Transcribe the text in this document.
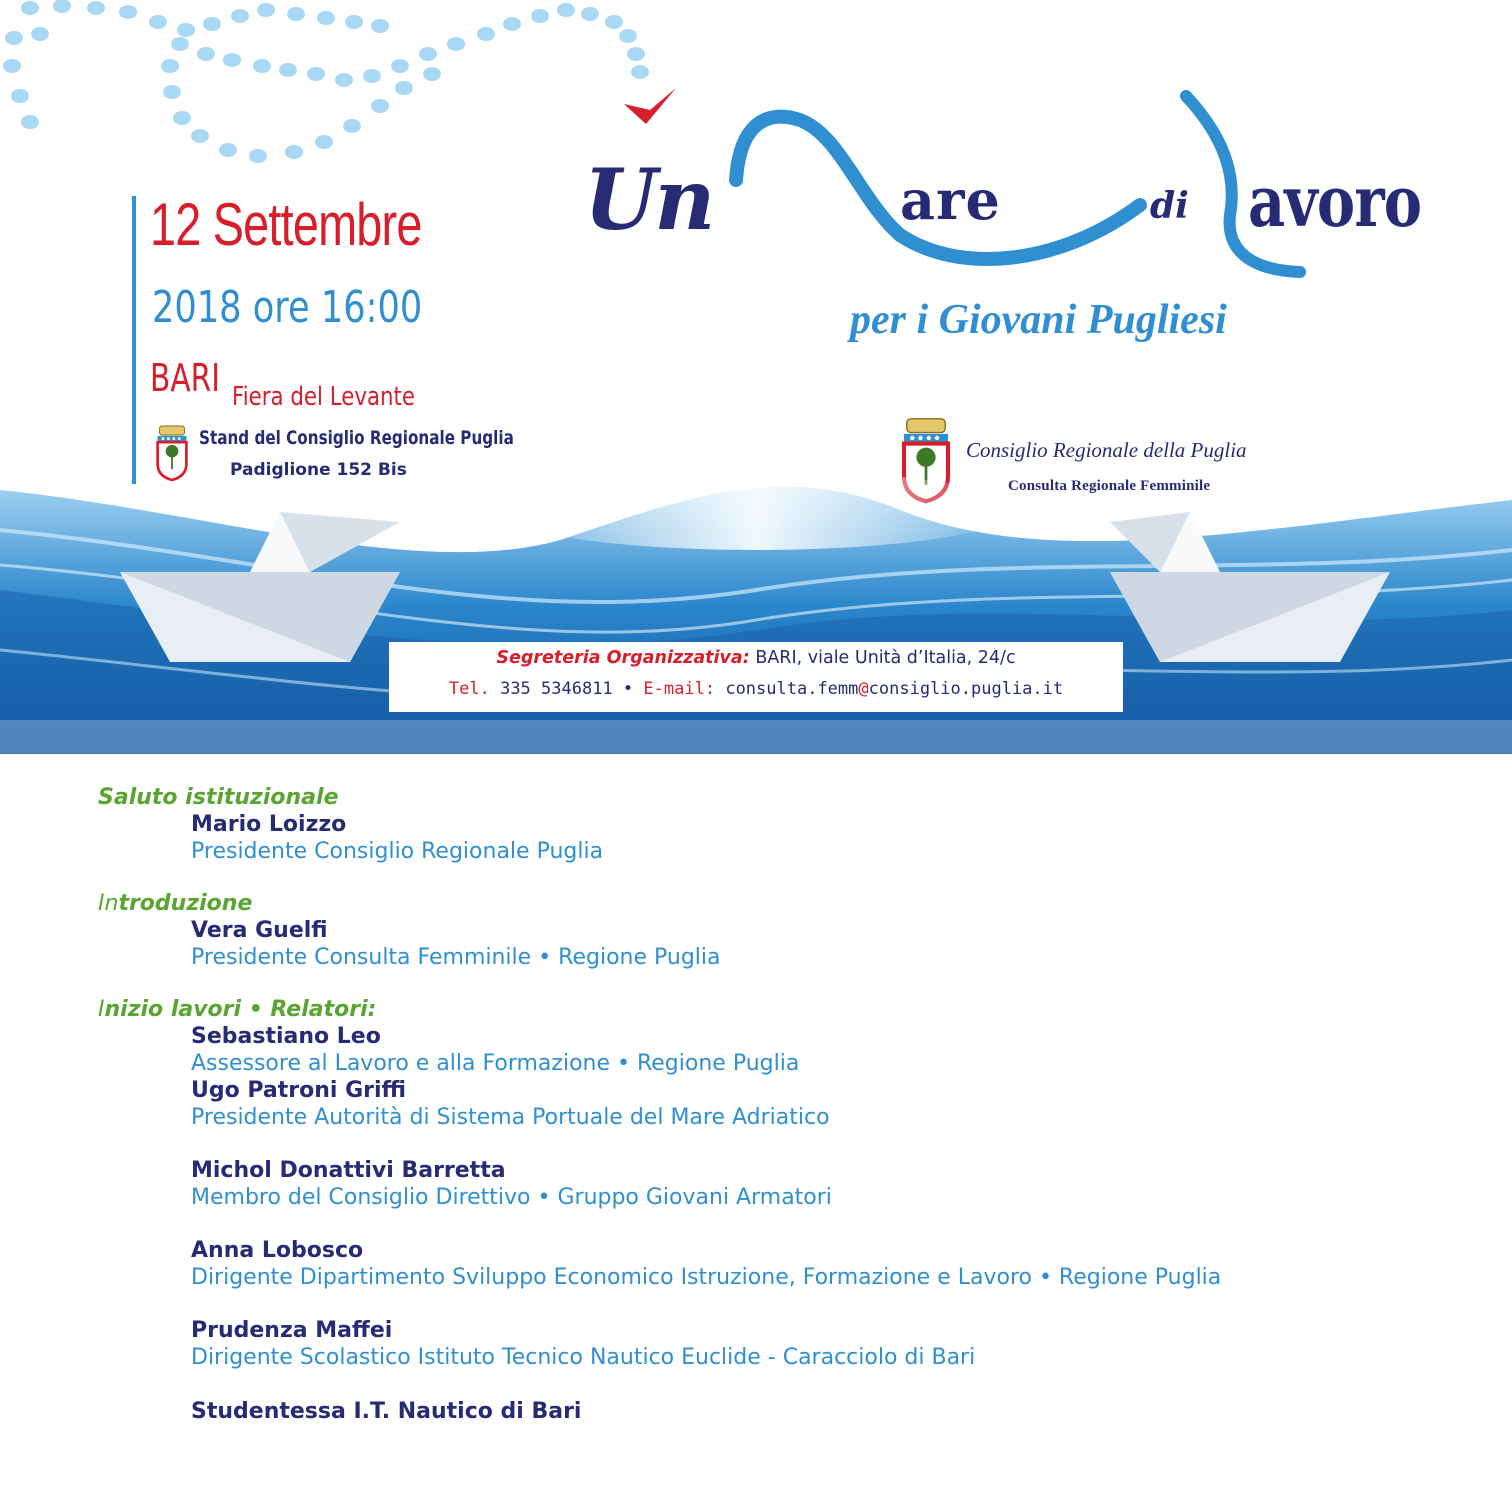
12 Settembre
2018 ore 16:00
BARI Fiera del Levante
Stand del Consiglio Regionale Puglia
Padiglione 152 Bis
Un	are	di avoro
per i Giovani Pugliesi
Consiglio Regionale della Puglia
Consulta Regionale Femminile
Segreteria Organizzativa: BARI, viale Unità d’Italia, 24/c
Tel. 335 5346811 • E-mail: consulta.femm@consiglio.puglia.it
Saluto istituzionale
Mario Loizzo
Presidente Consiglio Regionale Puglia
Introduzione
Vera Guelfi
Presidente Consulta Femminile • Regione Puglia
Inizio lavori • Relatori:
Sebastiano Leo
Assessore al Lavoro e alla Formazione • Regione Puglia
Ugo Patroni Griffi
Presidente Autorità di Sistema Portuale del Mare Adriatico
Michol Donattivi Barretta
Membro del Consiglio Direttivo • Gruppo Giovani Armatori
Anna Lobosco
Dirigente Dipartimento Sviluppo Economico Istruzione, Formazione e Lavoro • Regione Puglia
Prudenza Maffei
Dirigente Scolastico Istituto Tecnico Nautico Euclide - Caracciolo di Bari
Studentessa I.T. Nautico di Bari
